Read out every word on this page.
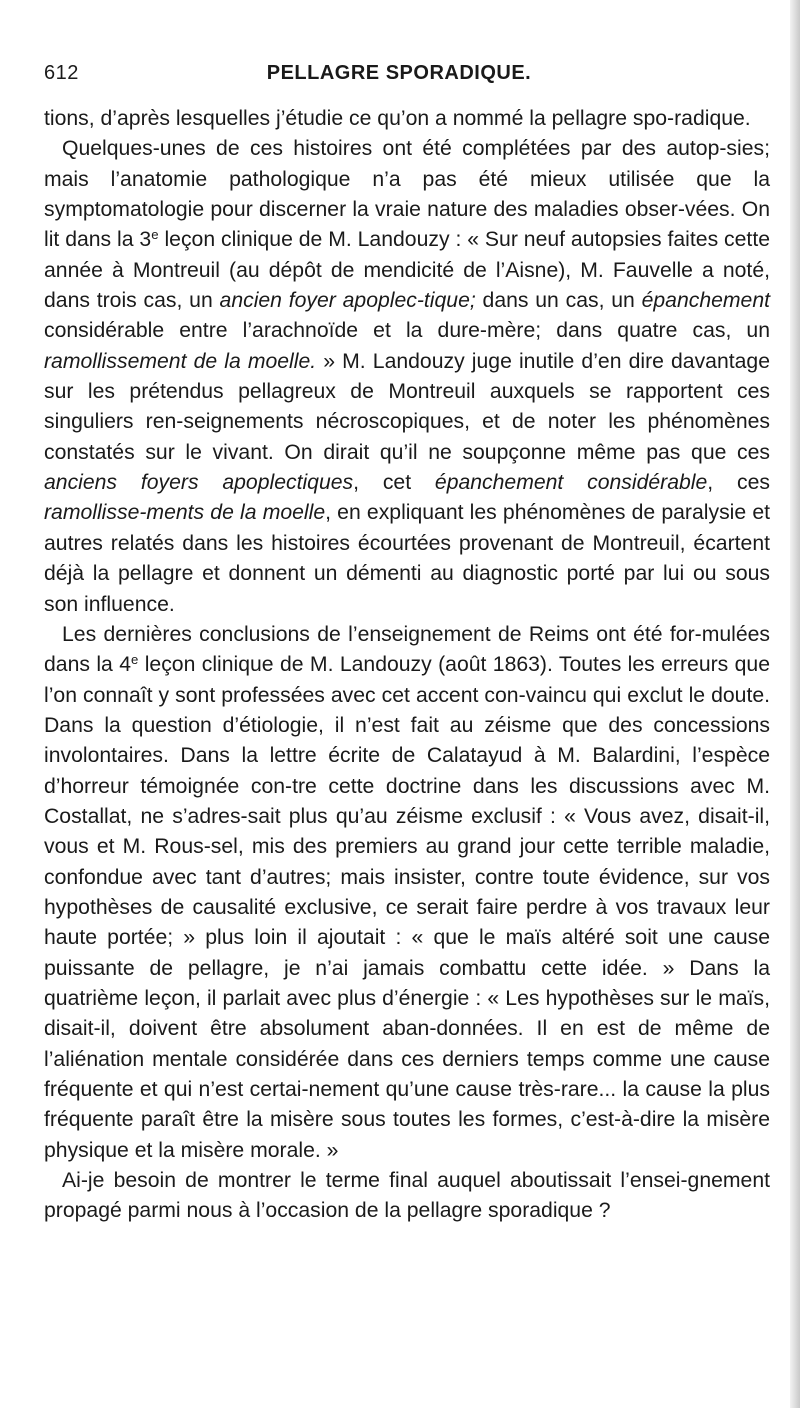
612	PELLAGRE SPORADIQUE.

tions, d’après lesquelles j’étudie ce qu’on a nommé la pellagre spo-radique.

Quelques-unes de ces histoires ont été complétées par des autop-sies; mais l’anatomie pathologique n’a pas été mieux utilisée que la symptomatologie pour discerner la vraie nature des maladies obser-vées. On lit dans la 3e leçon clinique de M. Landouzy : « Sur neuf autopsies faites cette année à Montreuil (au dépôt de mendicité de l’Aisne), M. Fauvelle a noté, dans trois cas, un ancien foyer apoplec-tique; dans un cas, un épanchement considérable entre l’arachnoïde et la dure-mère; dans quatre cas, un ramollissement de la moelle. » M. Landouzy juge inutile d’en dire davantage sur les prétendus pellagreux de Montreuil auxquels se rapportent ces singuliers ren-seignements nécroscopiques, et de noter les phénomènes constatés sur le vivant. On dirait qu’il ne soupçonne même pas que ces anciens foyers apoplectiques, cet épanchement considérable, ces ramollisse-ments de la moelle, en expliquant les phénomènes de paralysie et autres relatés dans les histoires écourtées provenant de Montreuil, écartent déjà la pellagre et donnent un démenti au diagnostic porté par lui ou sous son influence.

Les dernières conclusions de l’enseignement de Reims ont été for-mulées dans la 4e leçon clinique de M. Landouzy (août 1863). Toutes les erreurs que l’on connaît y sont professées avec cet accent con-vaincu qui exclut le doute. Dans la question d’étiologie, il n’est fait au zéisme que des concessions involontaires. Dans la lettre écrite de Calatayud à M. Balardini, l’espèce d’horreur témoignée con-tre cette doctrine dans les discussions avec M. Costallat, ne s’adres-sait plus qu’au zéisme exclusif : « Vous avez, disait-il, vous et M. Rous-sel, mis des premiers au grand jour cette terrible maladie, confondue avec tant d’autres; mais insister, contre toute évidence, sur vos hypothèses de causalité exclusive, ce serait faire perdre à vos travaux leur haute portée; » plus loin il ajoutait : « que le maïs altéré soit une cause puissante de pellagre, je n’ai jamais combattu cette idée. » Dans la quatrième leçon, il parlait avec plus d’énergie : « Les hypothèses sur le maïs, disait-il, doivent être absolument aban-données. Il en est de même de l’aliénation mentale considérée dans ces derniers temps comme une cause fréquente et qui n’est certai-nement qu’une cause très-rare... la cause la plus fréquente paraît être la misère sous toutes les formes, c’est-à-dire la misère physique et la misère morale. »

Ai-je besoin de montrer le terme final auquel aboutissait l’ensei-gnement propagé parmi nous à l’occasion de la pellagre sporadique ?
